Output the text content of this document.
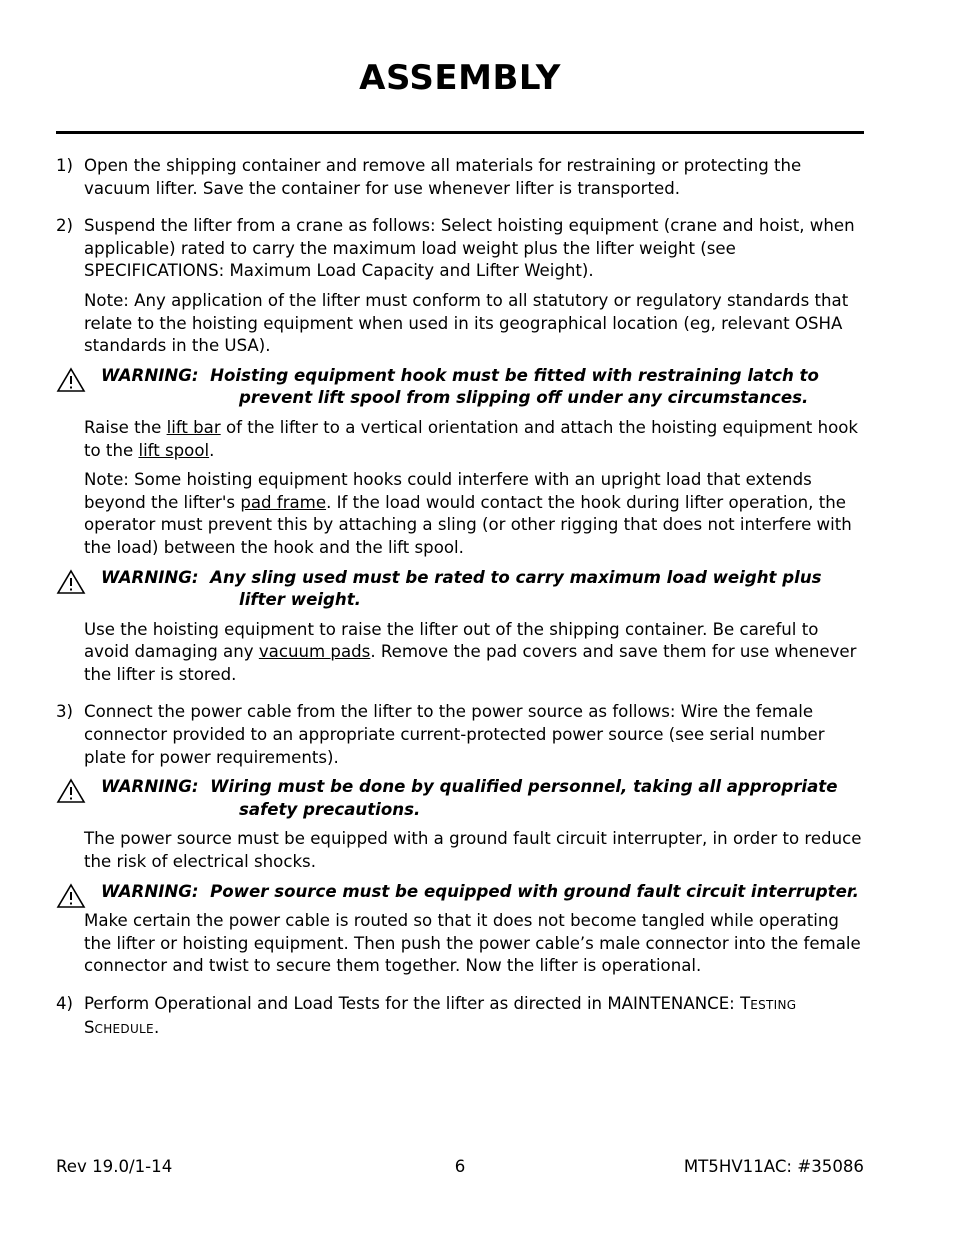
ASSEMBLY
1) Open the shipping container and remove all materials for restraining or protecting the vacuum lifter. Save the container for use whenever lifter is transported.

2) Suspend the lifter from a crane as follows: Select hoisting equipment (crane and hoist, when applicable) rated to carry the maximum load weight plus the lifter weight (see SPECIFICATIONS: Maximum Load Capacity and Lifter Weight).

Note: Any application of the lifter must conform to all statutory or regulatory standards that relate to the hoisting equipment when used in its geographical location (eg, relevant OSHA standards in the USA).

WARNING: Hoisting equipment hook must be fitted with restraining latch to
prevent lift spool from slipping off under any circumstances.

Raise the lift bar of the lifter to a vertical orientation and attach the hoisting equipment hook to the lift spool.

Note: Some hoisting equipment hooks could interfere with an upright load that extends beyond the lifter's pad frame. If the load would contact the hook during lifter operation, the operator must prevent this by attaching a sling (or other rigging that does not interfere with the load) between the hook and the lift spool.

WARNING: Any sling used must be rated to carry maximum load weight plus
lifter weight.

Use the hoisting equipment to raise the lifter out of the shipping container. Be careful to avoid damaging any vacuum pads. Remove the pad covers and save them for use whenever the lifter is stored.

3) Connect the power cable from the lifter to the power source as follows: Wire the female connector provided to an appropriate current-protected power source (see serial number plate for power requirements).

WARNING: Wiring must be done by qualified personnel, taking all appropriate
safety precautions.

The power source must be equipped with a ground fault circuit interrupter, in order to reduce the risk of electrical shocks.

WARNING: Power source must be equipped with ground fault circuit interrupter.

Make certain the power cable is routed so that it does not become tangled while operating the lifter or hoisting equipment. Then push the power cable’s male connector into the female connector and twist to secure them together. Now the lifter is operational.

4) Perform Operational and Load Tests for the lifter as directed in MAINTENANCE: TESTING SCHEDULE.

Rev 19.0/1-14	6	MT5HV11AC: #35086
